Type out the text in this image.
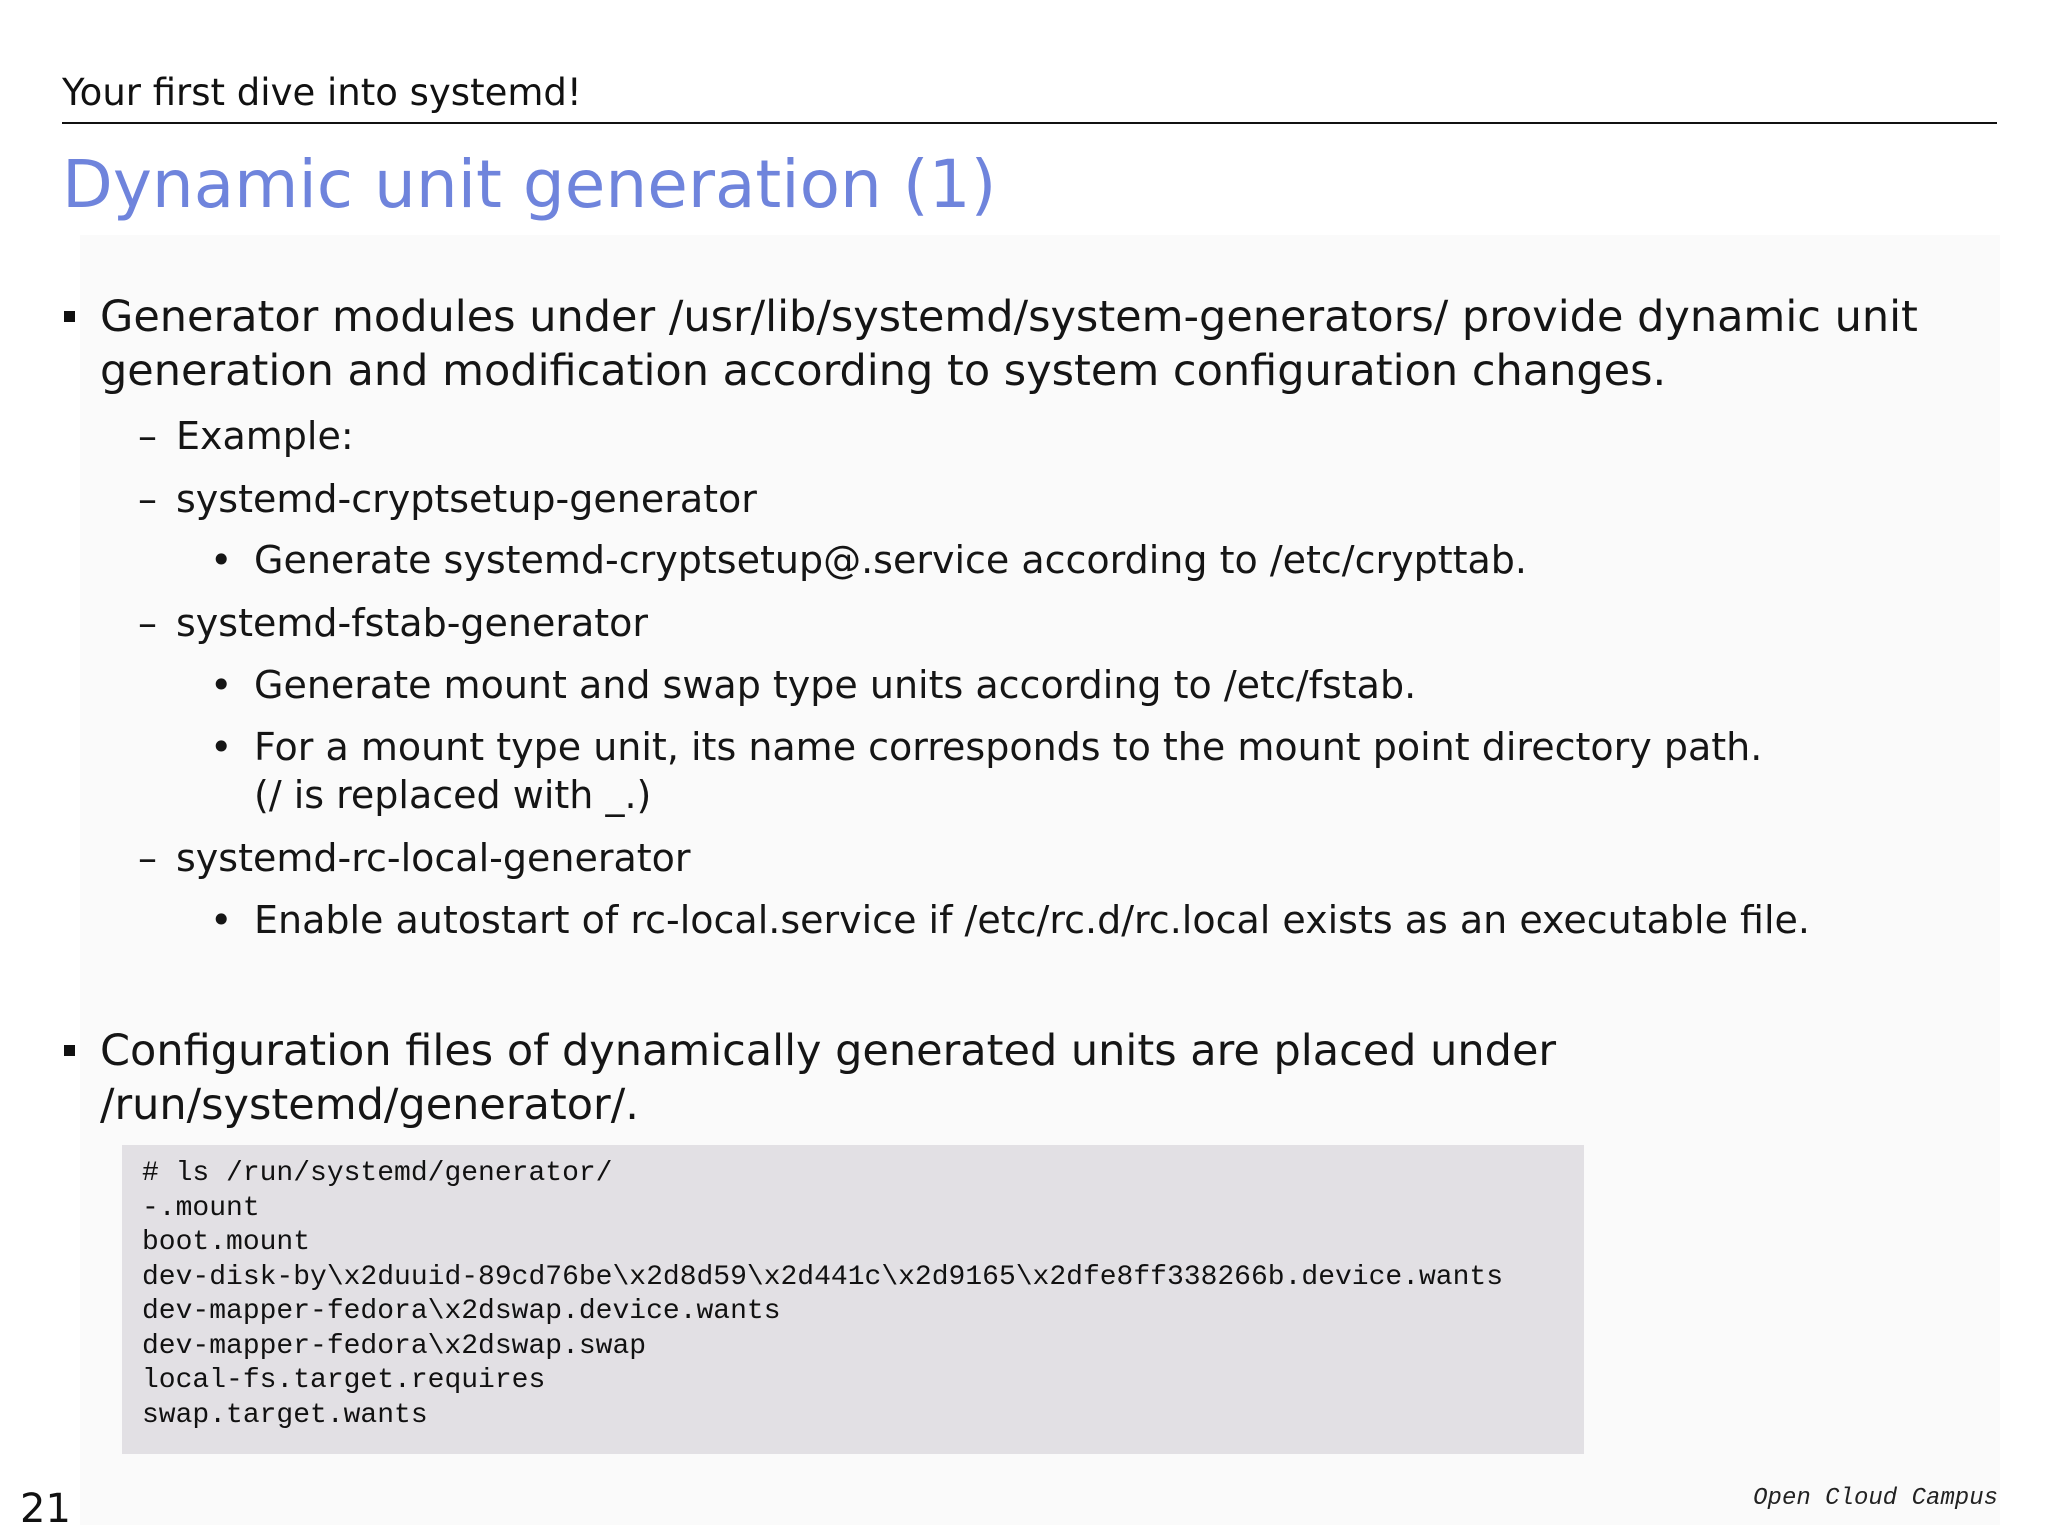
Your first dive into systemd!
Dynamic unit generation (1)
Generator modules under /usr/lib/systemd/system-generators/ provide dynamic unit
generation and modification according to system configuration changes.
– Example:
– systemd-cryptsetup-generator
• Generate systemd-cryptsetup@.service according to /etc/crypttab.
– systemd-fstab-generator
• Generate mount and swap type units according to /etc/fstab.
• For a mount type unit, its name corresponds to the mount point directory path.
(/ is replaced with _.)
– systemd-rc-local-generator
• Enable autostart of rc-local.service if /etc/rc.d/rc.local exists as an executable file.
Configuration files of dynamically generated units are placed under
/run/systemd/generator/.
# ls /run/systemd/generator/
-.mount
boot.mount
dev-disk-by\x2duuid-89cd76be\x2d8d59\x2d441c\x2d9165\x2dfe8ff338266b.device.wants
dev-mapper-fedora\x2dswap.device.wants
dev-mapper-fedora\x2dswap.swap
local-fs.target.requires
swap.target.wants
21	Open Cloud Campus
